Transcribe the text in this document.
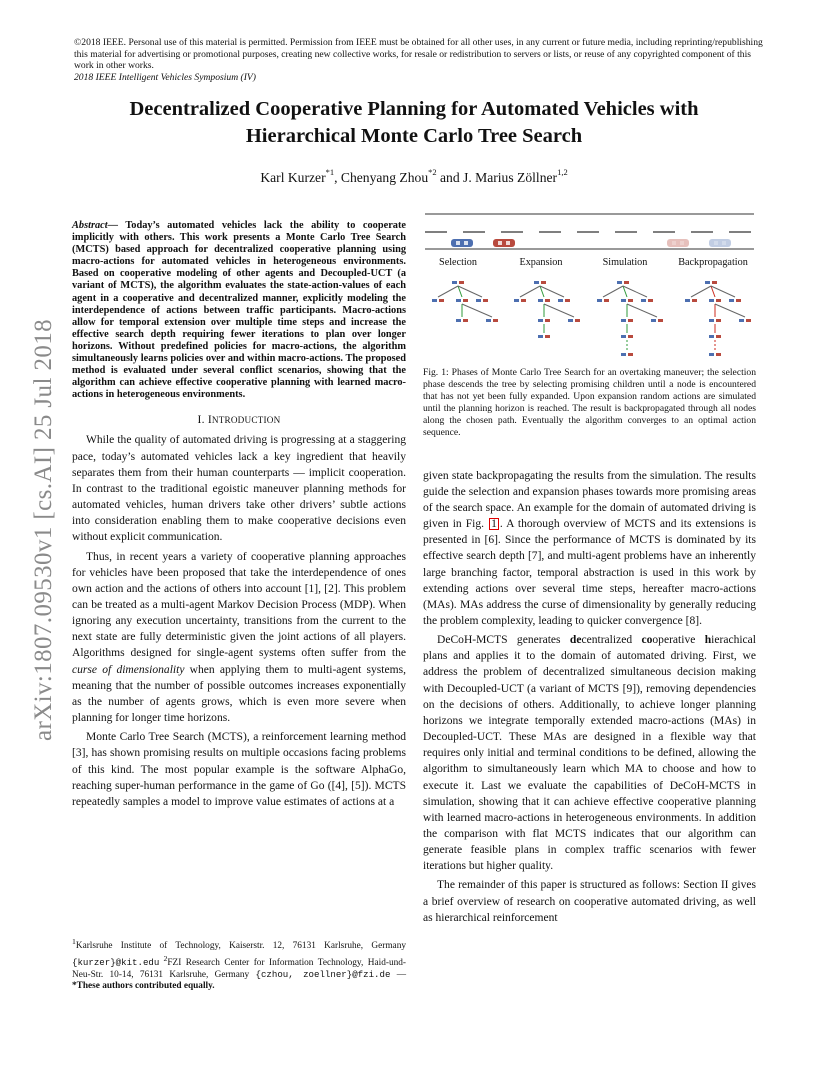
arXiv:1807.09530v1 [cs.AI] 25 Jul 2018
©2018 IEEE. Personal use of this material is permitted. Permission from IEEE must be obtained for all other uses, in any current or future media, including reprinting/republishing this material for advertising or promotional purposes, creating new collective works, for resale or redistribution to servers or lists, or reuse of any copyrighted component of this work in other works.
2018 IEEE Intelligent Vehicles Symposium (IV)
Decentralized Cooperative Planning for Automated Vehicles with
Hierarchical Monte Carlo Tree Search
Karl Kurzer$^{*1}$, Chenyang Zhou$^{*2}$ and J. Marius Zöllner$^{1,2}$
Abstract— Today’s automated vehicles lack the ability to cooperate implicitly with others. This work presents a Monte Carlo Tree Search (MCTS) based approach for decentralized cooperative planning using macro-actions for automated vehicles in heterogeneous environments. Based on cooperative modeling of other agents and Decoupled-UCT (a variant of MCTS), the algorithm evaluates the state-action-values of each agent in a cooperative and decentralized manner, explicitly modeling the interdependence of actions between traffic participants. Macro-actions allow for temporal extension over multiple time steps and increase the effective search depth requiring fewer iterations to plan over longer horizons. Without predefined policies for macro-actions, the algorithm simultaneously learns policies over and within macro-actions. The proposed method is evaluated under several conflict scenarios, showing that the algorithm can achieve effective cooperative planning with learned macro-actions in heterogeneous environments.
I. INTRODUCTION

While the quality of automated driving is progressing at a staggering pace, today’s automated vehicles lack a key ingredient that heavily separates them from their human counterparts — implicit cooperation. In contrast to the traditional egoistic maneuver planning methods for automated vehicles, human drivers take other drivers’ subtle actions into consideration enabling them to make cooperative decisions even without explicit communication.

Thus, in recent years a variety of cooperative planning approaches for vehicles have been proposed that take the interdependence of ones own action and the actions of others into account [1], [2]. This problem can be treated as a multi-agent Markov Decision Process (MDP). When ignoring any execution uncertainty, transitions from the current to the next state are fully deterministic given the joint actions of all players. Algorithms designed for single-agent systems often suffer from the curse of dimensionality when applying them to multi-agent systems, meaning that the number of possible outcomes increases exponentially as the number of agents grows, which is even more severe when planning for longer time horizons.

Monte Carlo Tree Search (MCTS), a reinforcement learning method [3], has shown promising results on multiple occasions facing problems of this kind. The most popular example is the software AlphaGo, reaching super-human performance in the game of Go ([4], [5]). MCTS repeatedly samples a model to improve value estimates of actions at a

$^1$Karlsruhe Institute of Technology, Kaiserstr. 12, 76131 Karlsruhe, Germany {kurzer}@kit.edu $^2$FZI Research Center for Information Technology, Haid-und-Neu-Str. 10-14, 76131 Karlsruhe, Germany {czhou, zoellner}@fzi.de — *These authors contributed equally.
Selection	Expansion	Simulation	Backpropagation
Fig. 1: Phases of Monte Carlo Tree Search for an overtaking maneuver; the selection phase descends the tree by selecting promising children until a node is encountered that has not yet been fully expanded. Upon expansion random actions are simulated until the planning horizon is reached. The result is backpropagated through all nodes along the chosen path. Eventually the algorithm converges to an optimal action sequence.

given state backpropagating the results from the simulation. The results guide the selection and expansion phases towards more promising areas of the search space. An example for the domain of automated driving is given in Fig. 1 . A thorough overview of MCTS and its extensions is presented in [6]. Since the performance of MCTS is dominated by its effective search depth [7], and multi-agent problems have an inherently large branching factor, temporal abstraction is used in this work by extending actions over several time steps, hereafter macro-actions (MAs). MAs address the curse of dimensionality by generally reducing the problem complexity, leading to quicker convergence [8].

DeCoH-MCTS generates decentralized cooperative hierachical plans and applies it to the domain of automated driving. First, we address the problem of decentralized simultaneous decision making with Decoupled-UCT (a variant of MCTS [9]), removing dependencies on the decisions of others. Additionally, to achieve longer planning horizons we integrate temporally extended macro-actions (MAs) in Decoupled-UCT. These MAs are designed in a flexible way that requires only initial and terminal conditions to be defined, allowing the algorithm to simultaneously learn which MA to choose and how to execute it. Last we evaluate the capabilities of DeCoH-MCTS in simulation, showing that it can achieve effective cooperative planning with learned macro-actions in heterogeneous environments. In addition the comparison with flat MCTS indicates that our algorithm can generate feasible plans in complex traffic scenarios with fewer iterations but higher quality.

The remainder of this paper is structured as follows: Section II gives a brief overview of research on cooperative automated driving, as well as hierarchical reinforcement
